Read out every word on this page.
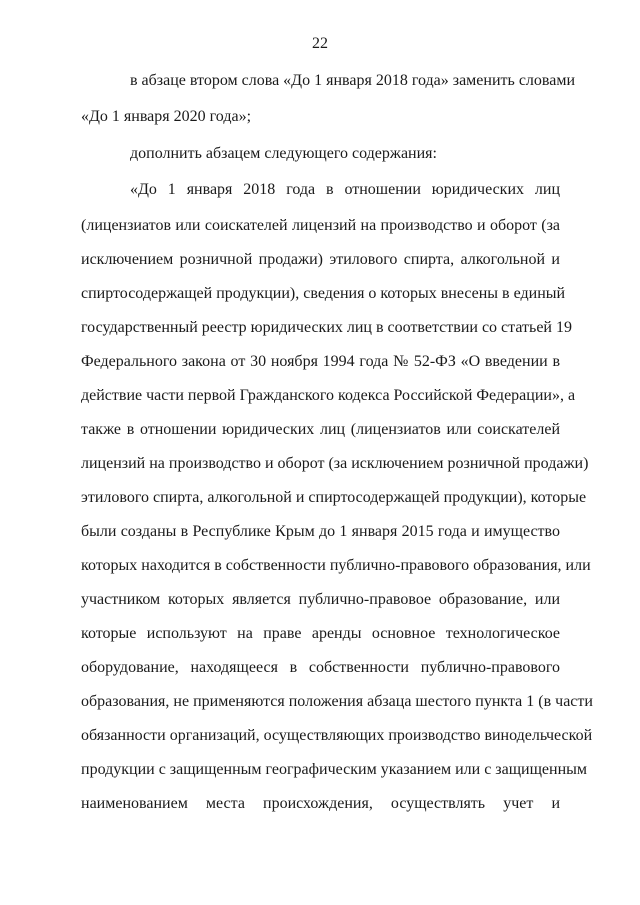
22
в абзаце втором слова «До 1 января 2018 года» заменить словами
«До 1 января 2020 года»;
дополнить абзацем следующего содержания:
«До 1 января 2018 года в отношении юридических лиц
(лицензиатов или соискателей лицензий на производство и оборот (за
исключением розничной продажи) этилового спирта, алкогольной и
спиртосодержащей продукции), сведения о которых внесены в единый
государственный реестр юридических лиц в соответствии со статьей 19
Федерального закона от 30 ноября 1994 года № 52-ФЗ «О введении в
действие части первой Гражданского кодекса Российской Федерации», а
также в отношении юридических лиц (лицензиатов или соискателей
лицензий на производство и оборот (за исключением розничной продажи)
этилового спирта, алкогольной и спиртосодержащей продукции), которые
были созданы в Республике Крым до 1 января 2015 года и имущество
которых находится в собственности публично-правового образования, или
участником которых является публично-правовое образование, или
которые используют на праве аренды основное технологическое
оборудование, находящееся в собственности публично-правового
образования, не применяются положения абзаца шестого пункта 1 (в части
обязанности организаций, осуществляющих производство винодельческой
продукции с защищенным географическим указанием или с защищенным
наименованием места происхождения, осуществлять учет и
